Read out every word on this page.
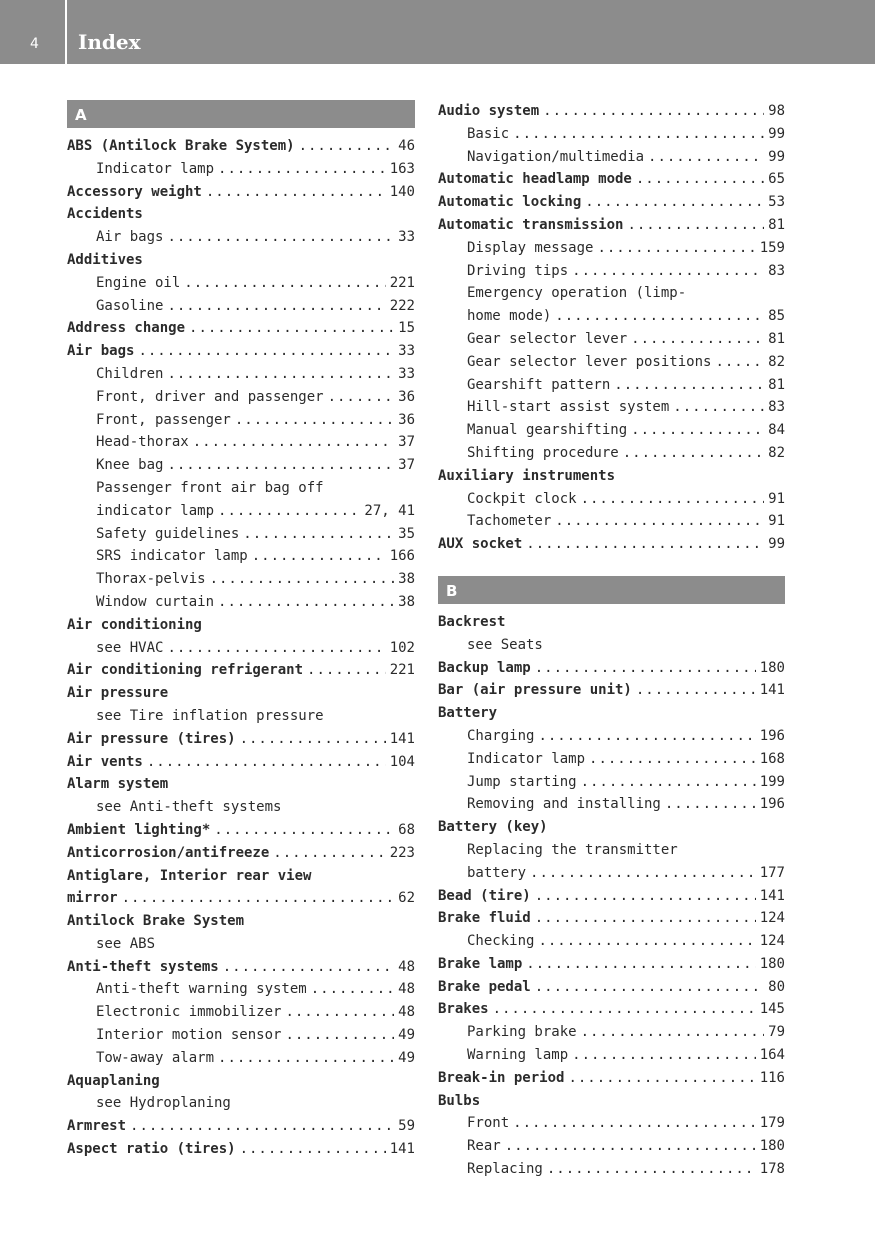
4	Index
A
ABS (Antilock Brake System) .....	46
Indicator lamp .....	163
Accessory weight .....	140
Accidents
Air bags .....	33
Additives
Engine oil .....	221
Gasoline .....	222
Address change .....	15
Air bags .....	33
Children .....	33
Front, driver and passenger .....	36
Front, passenger .....	36
Head-thorax .....	37
Knee bag .....	37
Passenger front air bag off
indicator lamp .....	27, 41
Safety guidelines .....	35
SRS indicator lamp .....	166
Thorax-pelvis .....	38
Window curtain .....	38
Air conditioning
see HVAC .....	102
Air conditioning refrigerant .....	221
Air pressure
see Tire inflation pressure
Air pressure (tires) .....	141
Air vents .....	104
Alarm system
see Anti-theft systems
Ambient lighting* .....	68
Anticorrosion/antifreeze .....	223
Antiglare, Interior rear view
mirror .....	62
Antilock Brake System
see ABS
Anti-theft systems .....	48
Anti-theft warning system .....	48
Electronic immobilizer .....	48
Interior motion sensor .....	49
Tow-away alarm .....	49
Aquaplaning
see Hydroplaning
Armrest .....	59
Aspect ratio (tires) .....	141
Audio system .....	98
Basic .....	99
Navigation/multimedia .....	99
Automatic headlamp mode .....	65
Automatic locking .....	53
Automatic transmission .....	81
Display message .....	159
Driving tips .....	83
Emergency operation (limp-
home mode) .....	85
Gear selector lever .....	81
Gear selector lever positions .....	82
Gearshift pattern .....	81
Hill-start assist system .....	83
Manual gearshifting .....	84
Shifting procedure .....	82
Auxiliary instruments
Cockpit clock .....	91
Tachometer .....	91
AUX socket .....	99
B
Backrest
see Seats
Backup lamp .....	180
Bar (air pressure unit) .....	141
Battery
Charging .....	196
Indicator lamp .....	168
Jump starting .....	199
Removing and installing .....	196
Battery (key)
Replacing the transmitter
battery .....	177
Bead (tire) .....	141
Brake fluid .....	124
Checking .....	124
Brake lamp .....	180
Brake pedal .....	80
Brakes .....	145
Parking brake .....	79
Warning lamp .....	164
Break-in period .....	116
Bulbs
Front .....	179
Rear .....	180
Replacing .....	178
